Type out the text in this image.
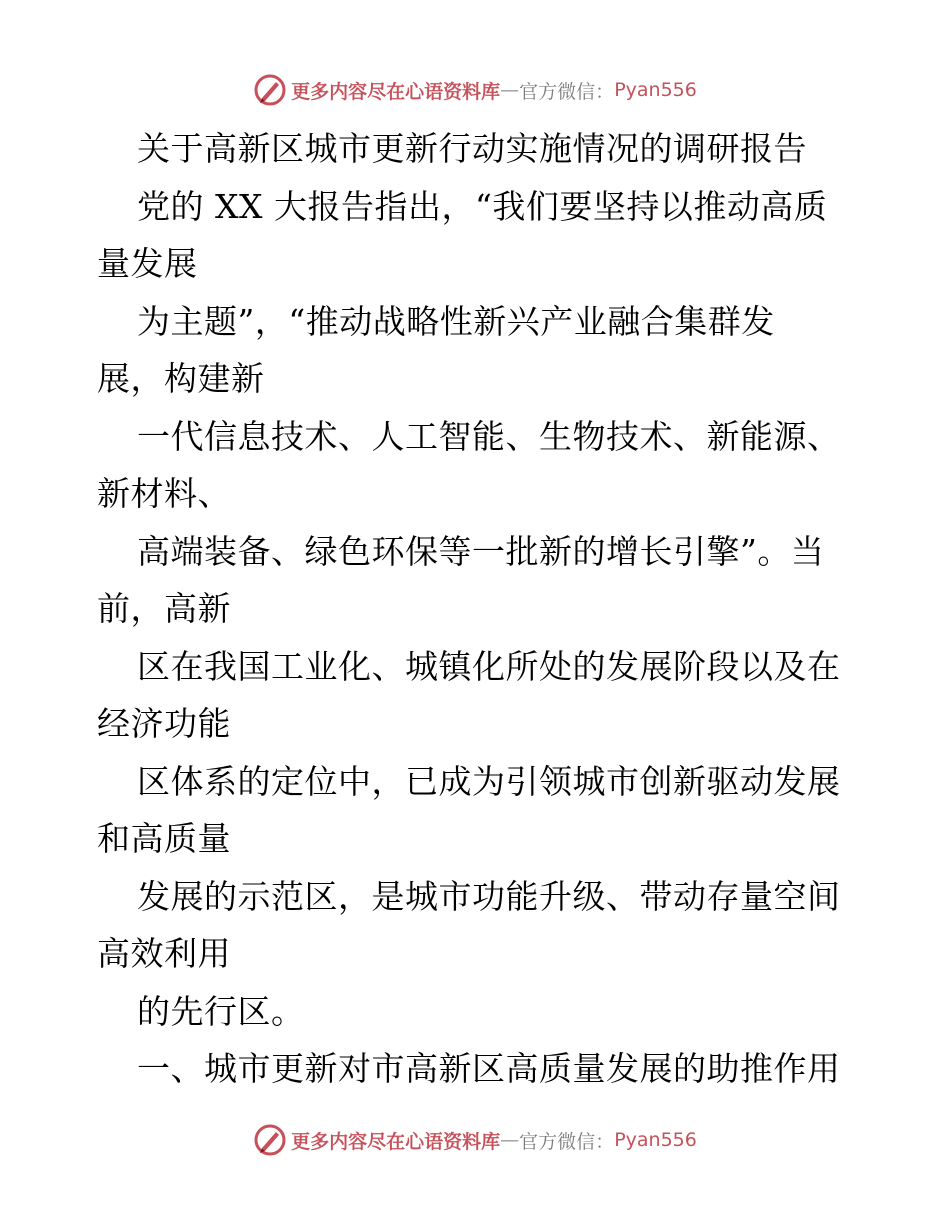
更多内容尽在心语资料库 — 官方微信： Pyan556
关于高新区城市更新行动实施情况的调研报告
党的 XX 大报告指出，“我们要坚持以推动高质
量发展
为主题”，“推动战略性新兴产业融合集群发
展，构建新
一代信息技术、人工智能、生物技术、新能源、
新材料、
高端装备、绿色环保等一批新的增长引擎”。当
前，高新
区在我国工业化、城镇化所处的发展阶段以及在
经济功能
区体系的定位中，已成为引领城市创新驱动发展
和高质量
发展的示范区，是城市功能升级、带动存量空间
高效利用
的先行区。
一、城市更新对市高新区高质量发展的助推作用
更多内容尽在心语资料库 — 官方微信： Pyan556
